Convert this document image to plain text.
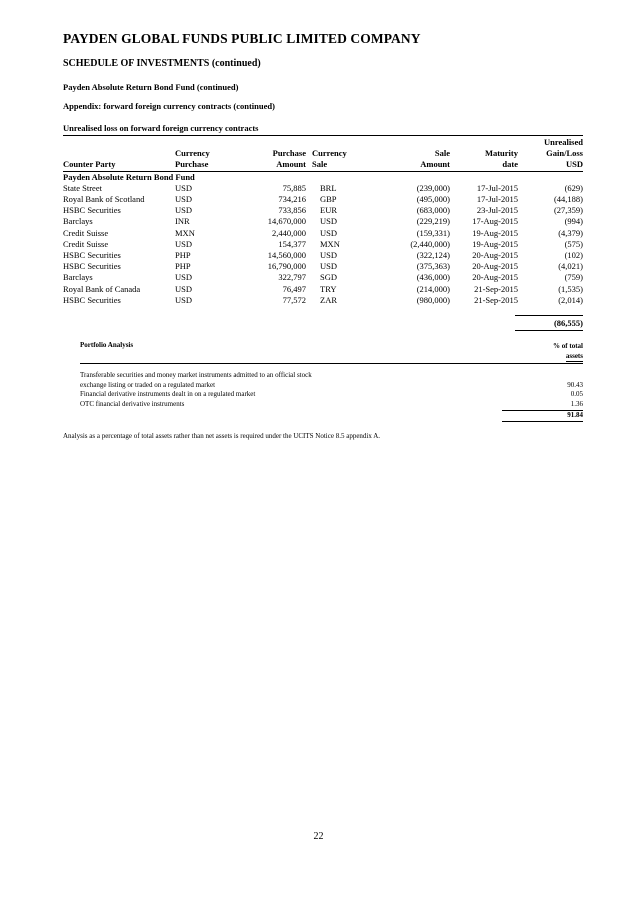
PAYDEN GLOBAL FUNDS PUBLIC LIMITED COMPANY
SCHEDULE OF INVESTMENTS (continued)
Payden Absolute Return Bond Fund (continued)
Appendix: forward foreign currency contracts (continued)
Unrealised loss on forward foreign currency contracts
						Unrealised
	Currency	Purchase	Currency	Sale	Maturity	Gain/Loss
Counter Party	Purchase	Amount	Sale	Amount	date	USD
Payden Absolute Return Bond Fund						
State Street	USD	75,885	BRL	(239,000)	17-Jul-2015	(629)
Royal Bank of Scotland	USD	734,216	GBP	(495,000)	17-Jul-2015	(44,188)
HSBC Securities	USD	733,856	EUR	(683,000)	23-Jul-2015	(27,359)
Barclays	INR	14,670,000	USD	(229,219)	17-Aug-2015	(994)
Credit Suisse	MXN	2,440,000	USD	(159,331)	19-Aug-2015	(4,379)
Credit Suisse	USD	154,377	MXN	(2,440,000)	19-Aug-2015	(575)
HSBC Securities	PHP	14,560,000	USD	(322,124)	20-Aug-2015	(102)
HSBC Securities	PHP	16,790,000	USD	(375,363)	20-Aug-2015	(4,021)
Barclays	USD	322,797	SGD	(436,000)	20-Aug-2015	(759)
Royal Bank of Canada	USD	76,497	TRY	(214,000)	21-Sep-2015	(1,535)
HSBC Securities	USD	77,572	ZAR	(980,000)	21-Sep-2015	(2,014)
(86,555)
Portfolio Analysis	% of total
assets
Transferable securities and money market instruments admitted to an official stock	
exchange listing or traded on a regulated market	90.43
Financial derivative instruments dealt in on a regulated market	0.05
OTC financial derivative instruments	1.36
91.84
Analysis as a percentage of total assets rather than net assets is required under the UCITS Notice 8.5 appendix A.
22
